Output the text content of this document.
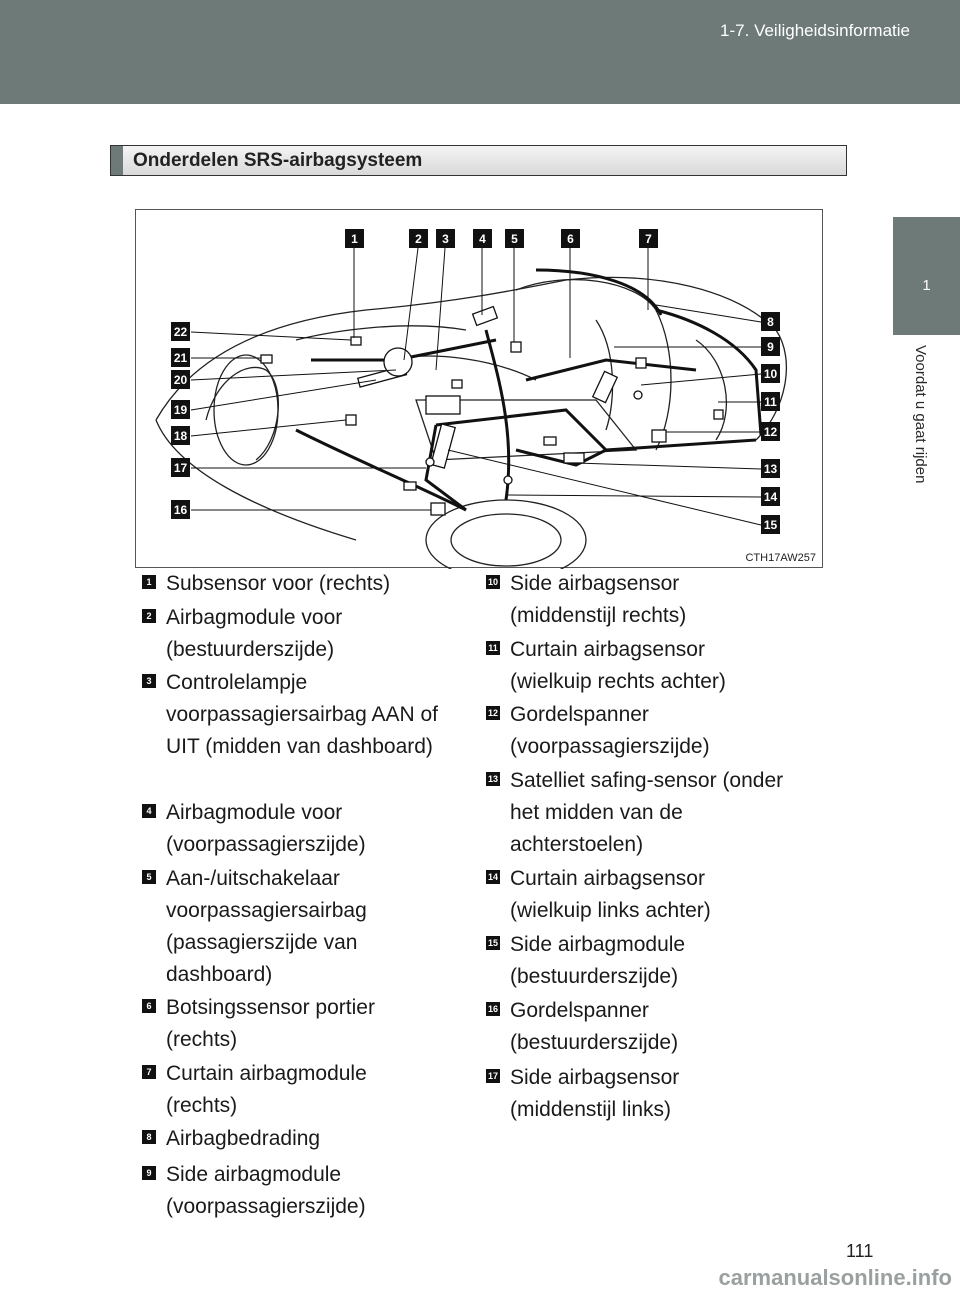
1-7. Veiligheidsinformatie
1
Voordat u gaat rijden
Onderdelen SRS-airbagsysteem
1	2	3	4	5	6	7
8
9
10
11
12
13
14
15
16
17
18
19
20
21
22
CTH17AW257
1 Subsensor voor (rechts)
2 Airbagmodule voor (bestuurderszijde)
3 Controlelampje voorpassagiersairbag AAN of UIT (midden van dashboard)
4 Airbagmodule voor (voorpassagierszijde)
5 Aan-/uitschakelaar voorpassagiersairbag (passagierszijde van dashboard)
6 Botsingssensor portier (rechts)
7 Curtain airbagmodule (rechts)
8 Airbagbedrading
9 Side airbagmodule (voorpassagierszijde)
10 Side airbagsensor (middenstijl rechts)
11 Curtain airbagsensor (wielkuip rechts achter)
12 Gordelspanner (voorpassagierszijde)
13 Satelliet safing-sensor (onder het midden van de achterstoelen)
14 Curtain airbagsensor (wielkuip links achter)
15 Side airbagmodule (bestuurderszijde)
16 Gordelspanner (bestuurderszijde)
17 Side airbagsensor (middenstijl links)
111
carmanualsonline.info
